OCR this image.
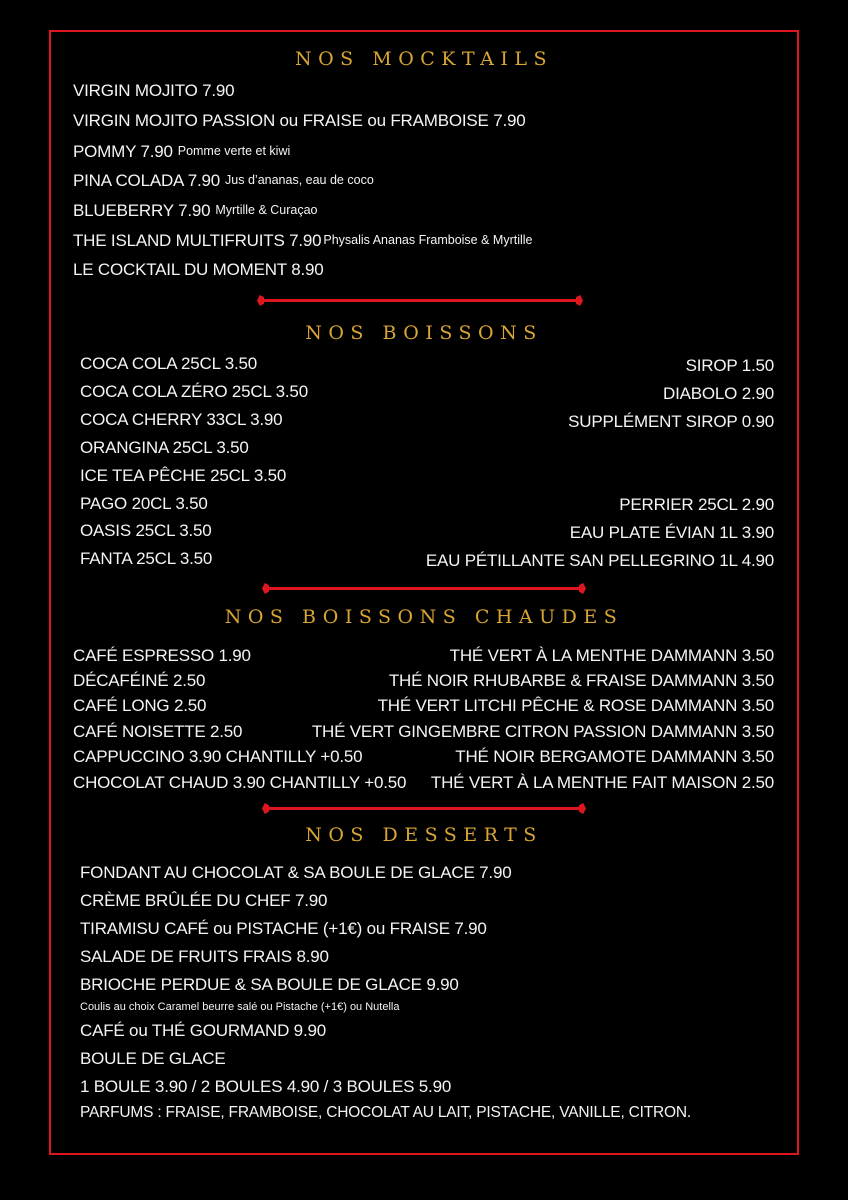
NOS MOCKTAILS
VIRGIN MOJITO 7.90
VIRGIN MOJITO PASSION ou FRAISE ou FRAMBOISE 7.90
POMMY 7.90 Pomme verte et kiwi
PINA COLADA 7.90 Jus d’ananas, eau de coco
BLUEBERRY 7.90 Myrtille & Curaçao
THE ISLAND MULTIFRUITS 7.90 Physalis Ananas Framboise & Myrtille
LE COCKTAIL DU MOMENT 8.90
NOS BOISSONS
COCA COLA 25CL 3.50
COCA COLA ZÉRO 25CL 3.50
COCA CHERRY 33CL 3.90
ORANGINA 25CL 3.50
ICE TEA PÊCHE 25CL 3.50
PAGO 20CL 3.50
OASIS 25CL 3.50
FANTA 25CL 3.50
SIROP 1.50
DIABOLO 2.90
SUPPLÉMENT SIROP 0.90
PERRIER 25CL 2.90
EAU PLATE ÉVIAN 1L 3.90
EAU PÉTILLANTE SAN PELLEGRINO 1L 4.90
NOS BOISSONS CHAUDES
CAFÉ ESPRESSO 1.90
DÉCAFÉINÉ 2.50
CAFÉ LONG 2.50
CAFÉ NOISETTE 2.50
CAPPUCCINO 3.90 CHANTILLY +0.50
CHOCOLAT CHAUD 3.90 CHANTILLY +0.50
THÉ VERT À LA MENTHE DAMMANN 3.50
THÉ NOIR RHUBARBE & FRAISE DAMMANN 3.50
THÉ VERT LITCHI PÊCHE & ROSE DAMMANN 3.50
THÉ VERT GINGEMBRE CITRON PASSION DAMMANN 3.50
THÉ NOIR BERGAMOTE DAMMANN 3.50
THÉ VERT À LA MENTHE FAIT MAISON 2.50
NOS DESSERTS
FONDANT AU CHOCOLAT & SA BOULE DE GLACE 7.90
CRÈME BRÛLÉE DU CHEF 7.90
TIRAMISU CAFÉ ou PISTACHE (+1€) ou FRAISE 7.90
SALADE DE FRUITS FRAIS 8.90
BRIOCHE PERDUE & SA BOULE DE GLACE 9.90
Coulis au choix Caramel beurre salé ou Pistache (+1€) ou Nutella
CAFÉ ou THÉ GOURMAND 9.90
BOULE DE GLACE
1 BOULE 3.90 / 2 BOULES 4.90 / 3 BOULES 5.90
PARFUMS : FRAISE, FRAMBOISE, CHOCOLAT AU LAIT, PISTACHE, VANILLE, CITRON.
